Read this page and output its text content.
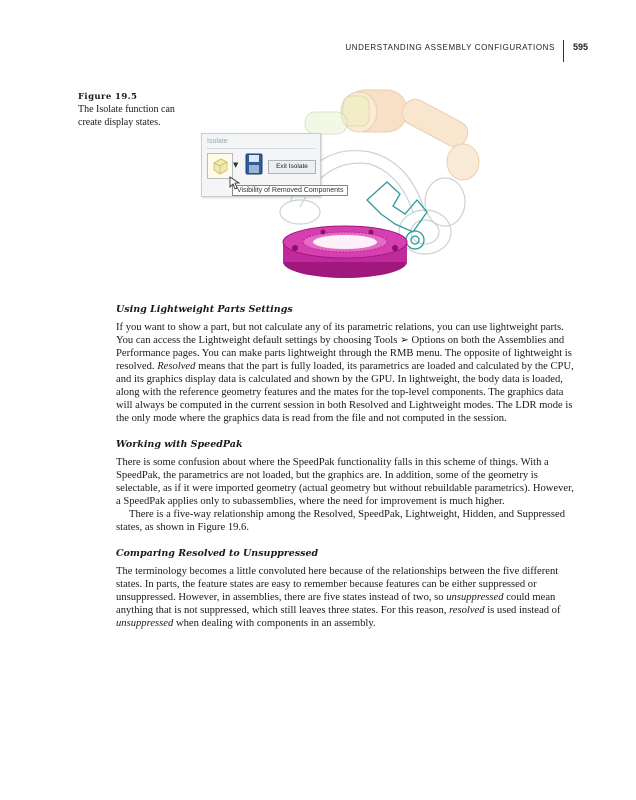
UNDERSTANDING ASSEMBLY CONFIGURATIONS 595
Figure 19.5
The Isolate function can create display states.
Isolate
▼	Exit Isolate
Visibility of Removed Components
Using Lightweight Parts Settings

If you want to show a part, but not calculate any of its parametric relations, you can use lightweight parts. You can access the Lightweight default settings by choosing Tools ➢ Options on both the Assemblies and Performance pages. You can make parts lightweight through the RMB menu. The opposite of lightweight is resolved. Resolved means that the part is fully loaded, its parametrics are loaded and calculated by the CPU, and its graphics display data is calculated and shown by the GPU. In lightweight, the body data is loaded, along with the reference geometry features and the mates for the top-level components. The graphics data will always be computed in the current session in both Resolved and Lightweight modes. The LDR mode is the only mode where the graphics data is read from the file and not computed in the session.

Working with SpeedPak

There is some confusion about where the SpeedPak functionality falls in this scheme of things. With a SpeedPak, the parametrics are not loaded, but the graphics are. In addition, some of the geometry is selectable, as if it were imported geometry (actual geometry but without rebuildable parametrics). However, a SpeedPak applies only to subassemblies, where the need for improvement is much higher.

There is a five-way relationship among the Resolved, SpeedPak, Lightweight, Hidden, and Suppressed states, as shown in Figure 19.6.

Comparing Resolved to Unsuppressed

The terminology becomes a little convoluted here because of the relationships between the five different states. In parts, the feature states are easy to remember because features can be either suppressed or unsuppressed. However, in assemblies, there are five states instead of two, so unsuppressed could mean anything that is not suppressed, which still leaves three states. For this reason, resolved is used instead of unsuppressed when dealing with components in an assembly.
